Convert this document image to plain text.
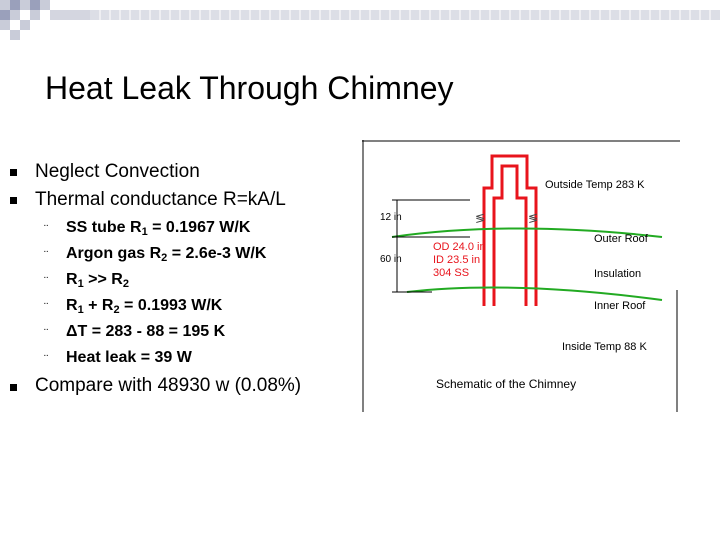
Heat Leak Through Chimney
Neglect Convection
Thermal conductance R=kA/L
¨ SS tube $R_1 = 0.1967$ W/K
¨ Argon gas $R_2 = 2.6e-3$ W/K
¨ $R_1 >> R_2$
¨ $R_1 + R_2 = 0.1993$ W/K
¨ ΔT = 283 - 88 = 195 K
¨ Heat leak = 39 W
Compare with 48930 w (0.08%)
≶	≶
12 in
60 in
Outside Temp 283 K
OD 24.0 in
ID 23.5 in
304 SS
Outer Roof
Insulation
Inner Roof
Inside Temp 88 K
Schematic of the Chimney
